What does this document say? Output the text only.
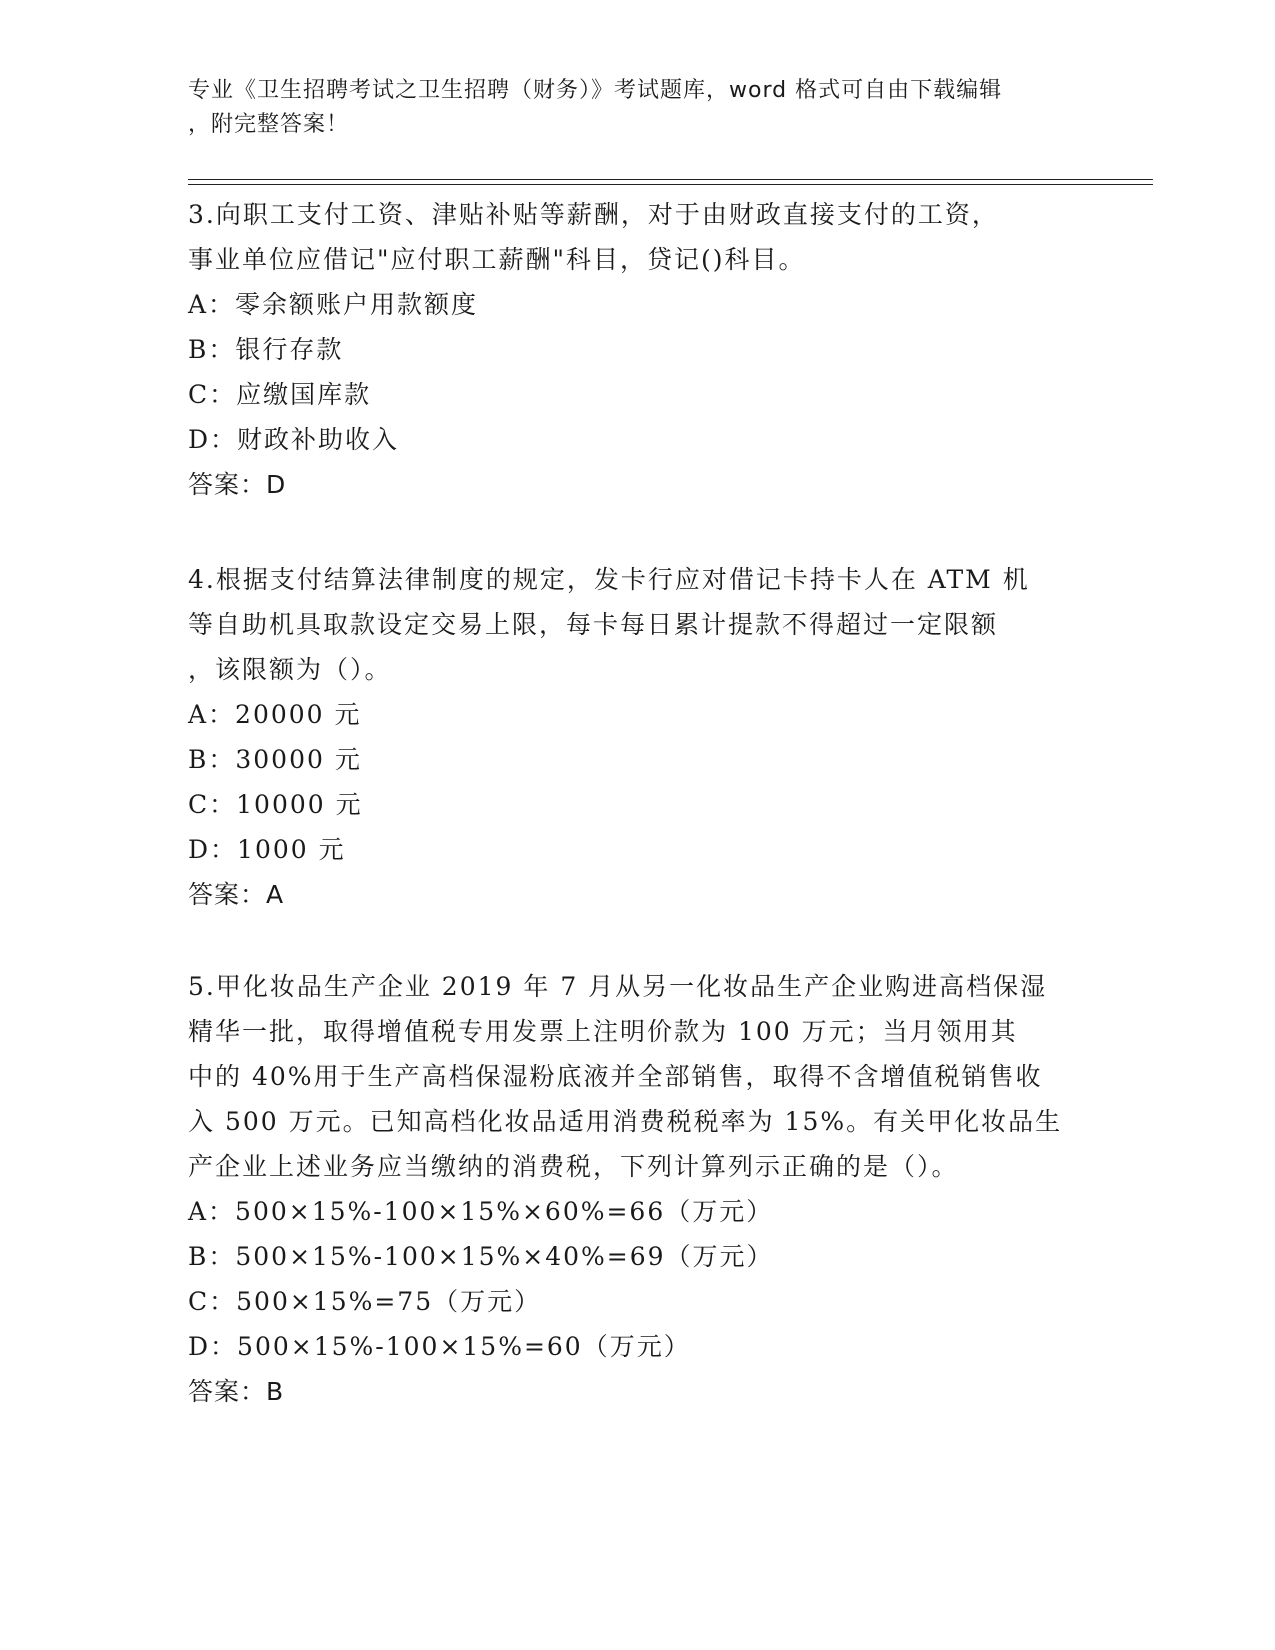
专业《卫生招聘考试之卫生招聘（财务）》考试题库，word 格式可自由下载编辑
，附完整答案！
3.向职工支付工资、津贴补贴等薪酬，对于由财政直接支付的工资，
事业单位应借记"应付职工薪酬"科目，贷记()科目。
A：零余额账户用款额度
B：银行存款
C：应缴国库款
D：财政补助收入
答案：D
4.根据支付结算法律制度的规定，发卡行应对借记卡持卡人在 ATM 机
等自助机具取款设定交易上限，每卡每日累计提款不得超过一定限额
，该限额为（）。
A：20000 元
B：30000 元
C：10000 元
D：1000 元
答案：A
5.甲化妆品生产企业 2019 年 7 月从另一化妆品生产企业购进高档保湿
精华一批，取得增值税专用发票上注明价款为 100 万元；当月领用其
中的 40%用于生产高档保湿粉底液并全部销售，取得不含增值税销售收
入 500 万元。已知高档化妆品适用消费税税率为 15%。有关甲化妆品生
产企业上述业务应当缴纳的消费税，下列计算列示正确的是（）。
A：500×15%-100×15%×60%=66（万元）
B：500×15%-100×15%×40%=69（万元）
C：500×15%=75（万元）
D：500×15%-100×15%=60（万元）
答案：B
